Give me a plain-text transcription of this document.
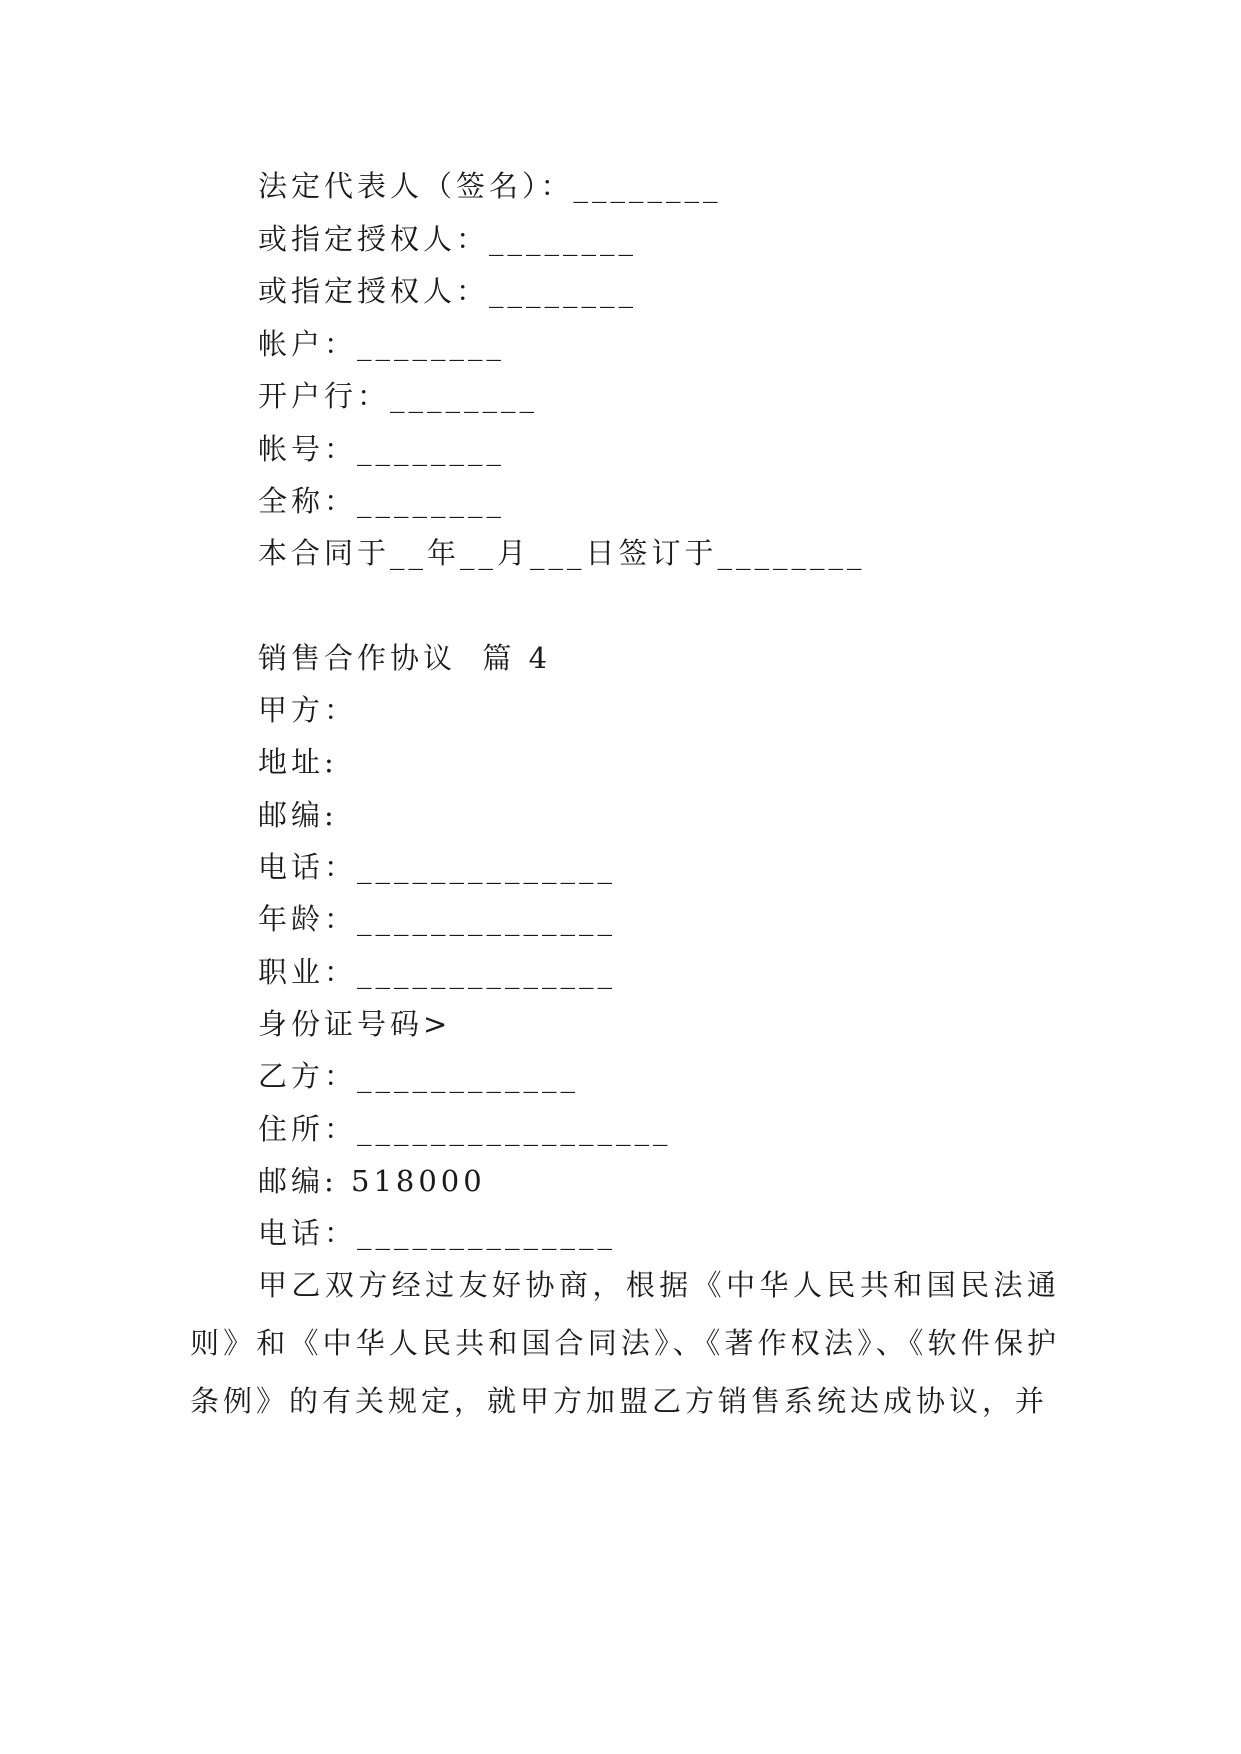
法定代表人（签名）：________
或指定授权人：________
或指定授权人：________
帐户：________
开户行：________
帐号：________
全称：________
本合同于__年__月___日签订于________
销售合作协议  篇 4
甲方：
地址:
邮编:
电话：______________
年龄：______________
职业：______________
身份证号码>
乙方：____________
住所：_________________
邮编: 518000
电话：______________
甲乙双方经过友好协商，根据《中华人民共和国民法通则》和《中华人民共和国合同法》、《著作权法》、《软件保护条例》的有关规定，就甲方加盟乙方销售系统达成协议，并
